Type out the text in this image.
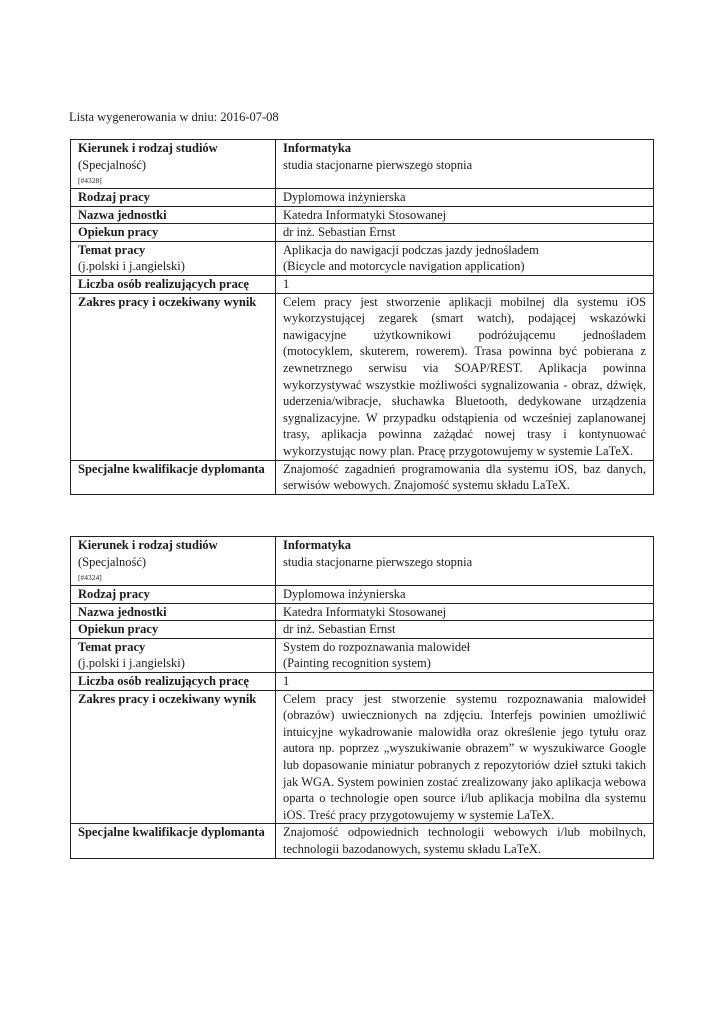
Lista wygenerowania w dniu: 2016-07-08
Kierunek i rodzaj studiów
(Specjalność)
[#4328]	Informatyka
studia stacjonarne pierwszego stopnia
Rodzaj pracy	Dyplomowa inżynierska
Nazwa jednostki	Katedra Informatyki Stosowanej
Opiekun pracy	dr inż. Sebastian Ernst
Temat pracy
(j.polski i j.angielski)	Aplikacja do nawigacji podczas jazdy jednośladem
(Bicycle and motorcycle navigation application)
Liczba osób realizujących pracę	1
Zakres pracy i oczekiwany wynik	Celem pracy jest stworzenie aplikacji mobilnej dla systemu iOS wykorzystującej zegarek (smart watch), podającej wskazówki nawigacyjne użytkownikowi podróżującemu jednośladem (motocyklem, skuterem, rowerem). Trasa powinna być pobierana z zewnetrznego serwisu via SOAP/REST. Aplikacja powinna wykorzystywać wszystkie możliwości sygnalizowania - obraz, dźwięk, uderzenia/wibracje, słuchawka Bluetooth, dedykowane urządzenia sygnalizacyjne. W przypadku odstąpienia od wcześniej zaplanowanej trasy, aplikacja powinna zażądać nowej trasy i kontynuować wykorzystując nowy plan. Pracę przygotowujemy w systemie LaTeX.
Specjalne kwalifikacje dyplomanta	Znajomość zagadnień programowania dla systemu iOS, baz danych, serwisów webowych. Znajomość systemu składu LaTeX.
Kierunek i rodzaj studiów
(Specjalność)
[#4324]	Informatyka
studia stacjonarne pierwszego stopnia
Rodzaj pracy	Dyplomowa inżynierska
Nazwa jednostki	Katedra Informatyki Stosowanej
Opiekun pracy	dr inż. Sebastian Ernst
Temat pracy
(j.polski i j.angielski)	System do rozpoznawania malowideł
(Painting recognition system)
Liczba osób realizujących pracę	1
Zakres pracy i oczekiwany wynik	Celem pracy jest stworzenie systemu rozpoznawania malowideł (obrazów) uwiecznionych na zdjęciu. Interfejs powinien umożliwić intuicyjne wykadrowanie malowidła oraz określenie jego tytułu oraz autora np. poprzez „wyszukiwanie obrazem” w wyszukiwarce Google lub dopasowanie miniatur pobranych z repozytoriów dzieł sztuki takich jak WGA. System powinien zostać zrealizowany jako aplikacja webowa oparta o technologie open source i/lub aplikacja mobilna dla systemu iOS. Treść pracy przygotowujemy w systemie LaTeX.
Specjalne kwalifikacje dyplomanta	Znajomość odpowiednich technologii webowych i/lub mobilnych, technologii bazodanowych, systemu składu LaTeX.
